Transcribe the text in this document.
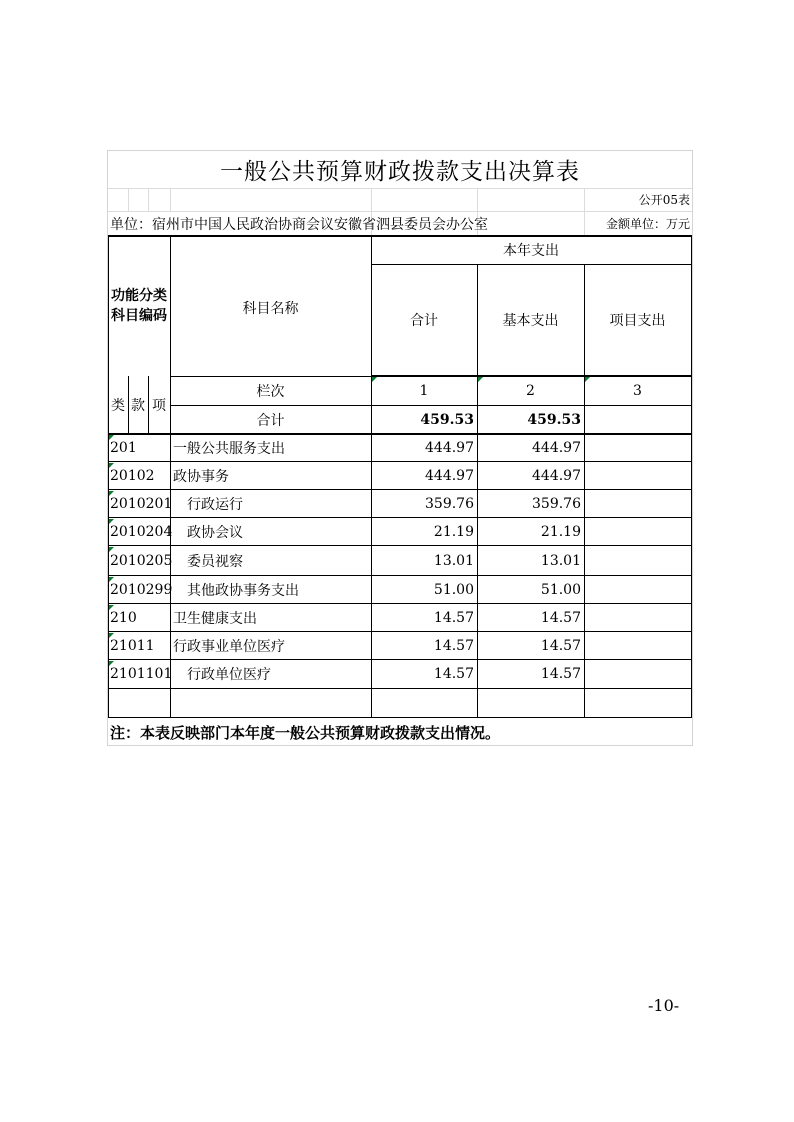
一般公共预算财政拨款支出决算表
公开05表
单位：宿州市中国人民政治协商会议安徽省泗县委员会办公室	金额单位：万元
本年支出
功能分类
科目编码	科目名称
合计	基本支出	项目支出
类 款 项
栏次	1	2	3
合计	459.53	459.53
201	一般公共服务支出	444.97	444.97
20102	政协事务	444.97	444.97
2010201 行政运行	359.76	359.76
2010204 政协会议	21.19	21.19
2010205 委员视察	13.01	13.01
2010299 其他政协事务支出	51.00	51.00
210	卫生健康支出	14.57	14.57
21011	行政事业单位医疗	14.57	14.57
2101101 行政单位医疗	14.57	14.57
注：本表反映部门本年度一般公共预算财政拨款支出情况。
-10-
